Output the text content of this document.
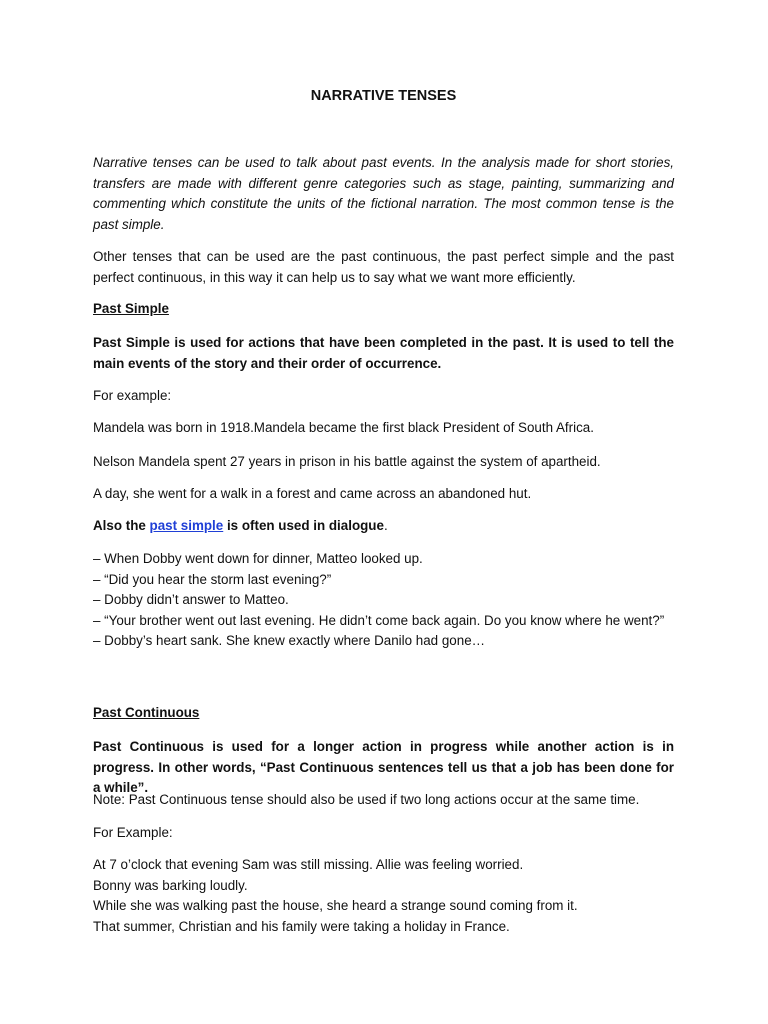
NARRATIVE TENSES

Narrative tenses can be used to talk about past events. In the analysis made for short stories, transfers are made with different genre categories such as stage, painting, summarizing and commenting which constitute the units of the fictional narration. The most common tense is the past simple.

Other tenses that can be used are the past continuous, the past perfect simple and the past perfect continuous, in this way it can help us to say what we want more efficiently.

Past Simple

Past Simple is used for actions that have been completed in the past. It is used to tell the main events of the story and their order of occurrence.

For example:

Mandela was born in 1918.Mandela became the first black President of South Africa.

Nelson Mandela spent 27 years in prison in his battle against the system of apartheid.

A day, she went for a walk in a forest and came across an abandoned hut.

Also the past simple is often used in dialogue.

– When Dobby went down for dinner, Matteo looked up.

– “Did you hear the storm last evening?”

– Dobby didn’t answer to Matteo.

– “Your brother went out last evening. He didn’t come back again. Do you know where he went?”

– Dobby’s heart sank. She knew exactly where Danilo had gone…

Past Continuous

Past Continuous is used for a longer action in progress while another action is in progress. In other words, “Past Continuous sentences tell us that a job has been done for a while”.

Note: Past Continuous tense should also be used if two long actions occur at the same time.

For Example:

At 7 o’clock that evening Sam was still missing. Allie was feeling worried.

Bonny was barking loudly.

While she was walking past the house, she heard a strange sound coming from it.

That summer, Christian and his family were taking a holiday in France.
